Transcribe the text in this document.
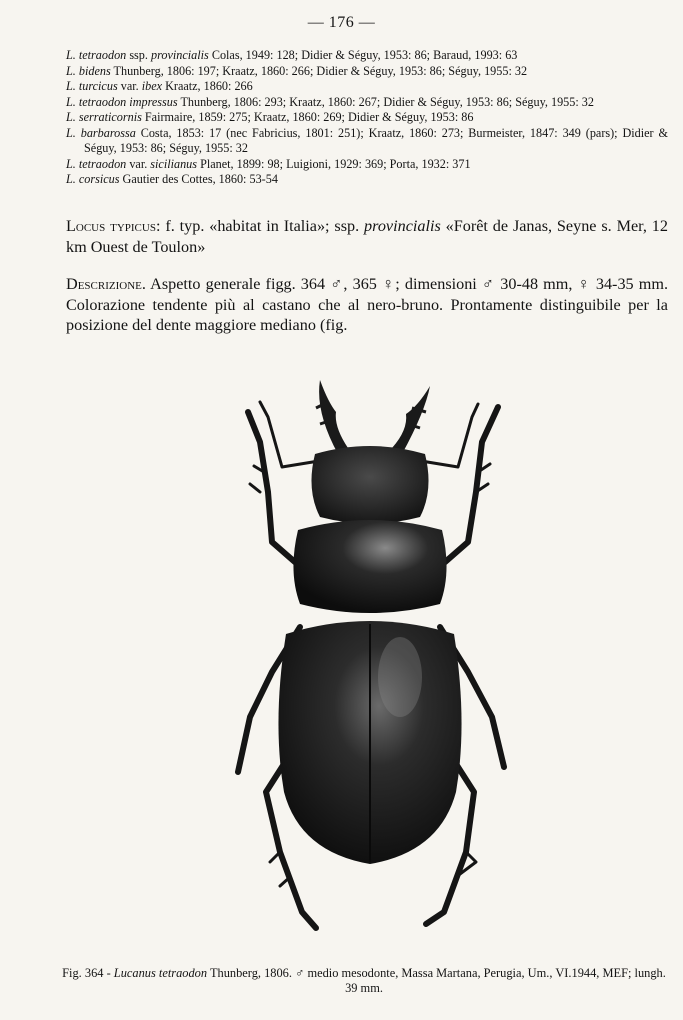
— 176 —
L. tetraodon ssp. provincialis Colas, 1949: 128; Didier & Séguy, 1953: 86; Baraud, 1993: 63
L. bidens Thunberg, 1806: 197; Kraatz, 1860: 266; Didier & Séguy, 1953: 86; Séguy, 1955: 32
L. turcicus var. ibex Kraatz, 1860: 266
L. tetraodon impressus Thunberg, 1806: 293; Kraatz, 1860: 267; Didier & Séguy, 1953: 86; Séguy, 1955: 32
L. serraticornis Fairmaire, 1859: 275; Kraatz, 1860: 269; Didier & Séguy, 1953: 86
L. barbarossa Costa, 1853: 17 (nec Fabricius, 1801: 251); Kraatz, 1860: 273; Burmeister, 1847: 349 (pars); Didier & Séguy, 1953: 86; Séguy, 1955: 32
L. tetraodon var. sicilianus Planet, 1899: 98; Luigioni, 1929: 369; Porta, 1932: 371
L. corsicus Gautier des Cottes, 1860: 53-54
Locus typicus: f. typ. «habitat in Italia»; ssp. provincialis «Forêt de Janas, Seyne s. Mer, 12 km Ouest de Toulon»
Descrizione. Aspetto generale figg. 364 ♂, 365 ♀; dimensioni ♂ 30-48 mm, ♀ 34-35 mm. Colorazione tendente più al castano che al nero-bruno. Prontamente distinguibile per la posizione del dente maggiore mediano (fig.
Fig. 364 - Lucanus tetraodon Thunberg, 1806. ♂ medio mesodonte, Massa Martana, Perugia, Um., VI.1944, MEF; lungh. 39 mm.
